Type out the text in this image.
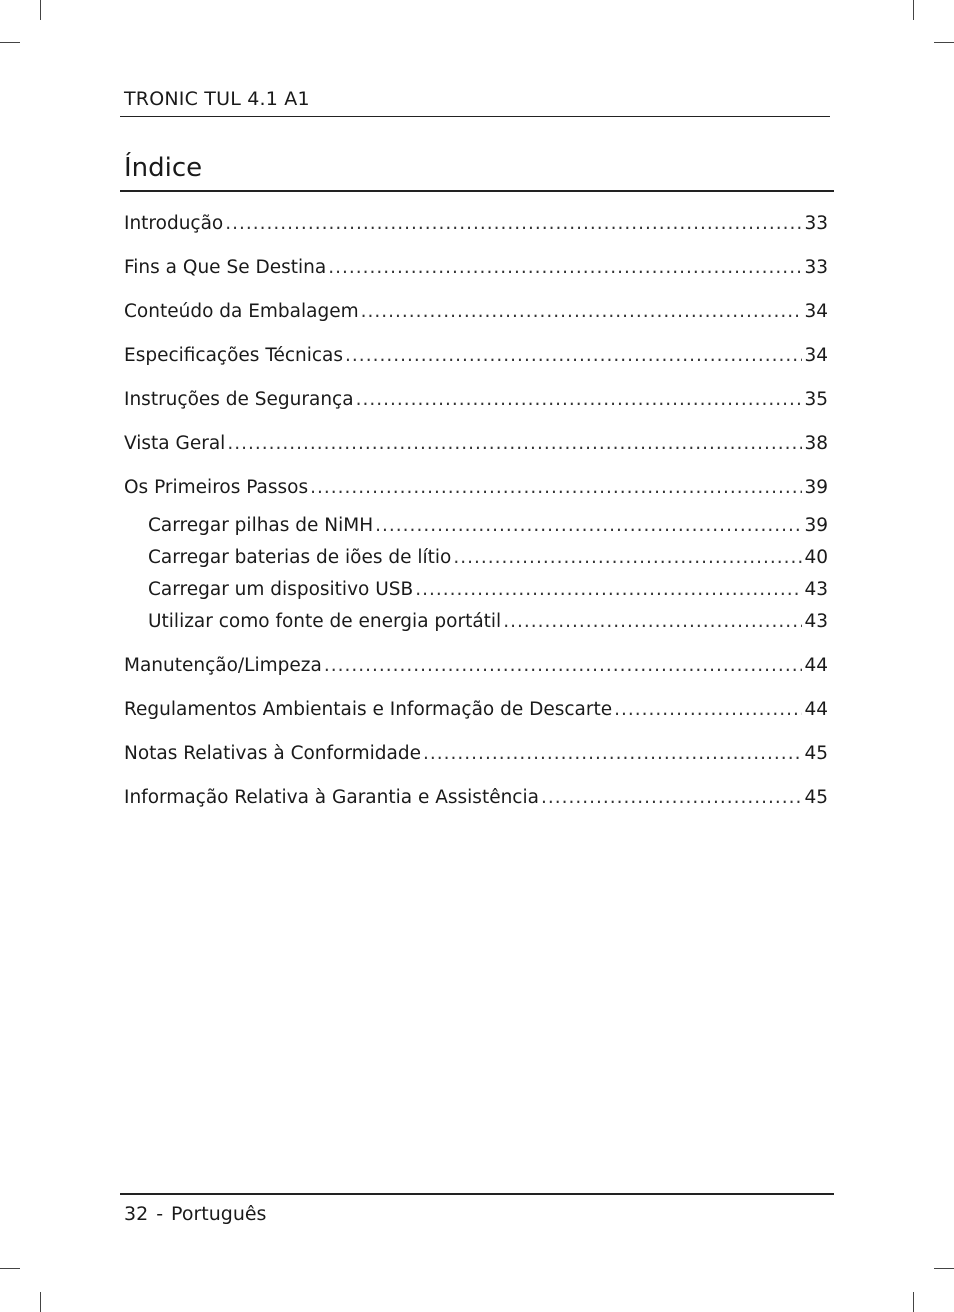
TRONIC TUL 4.1 A1
Índice
Introdução .....	33
Fins a Que Se Destina .....	33
Conteúdo da Embalagem .....	34
Especificações Técnicas .....	34
Instruções de Segurança .....	35
Vista Geral .....	38
Os Primeiros Passos .....	39
Carregar pilhas de NiMH .....	39
Carregar baterias de iões de lítio .....	40
Carregar um dispositivo USB .....	43
Utilizar como fonte de energia portátil .....	43
Manutenção/Limpeza .....	44
Regulamentos Ambientais e Informação de Descarte .....	44
Notas Relativas à Conformidade .....	45
Informação Relativa à Garantia e Assistência .....	45
32 - Português
